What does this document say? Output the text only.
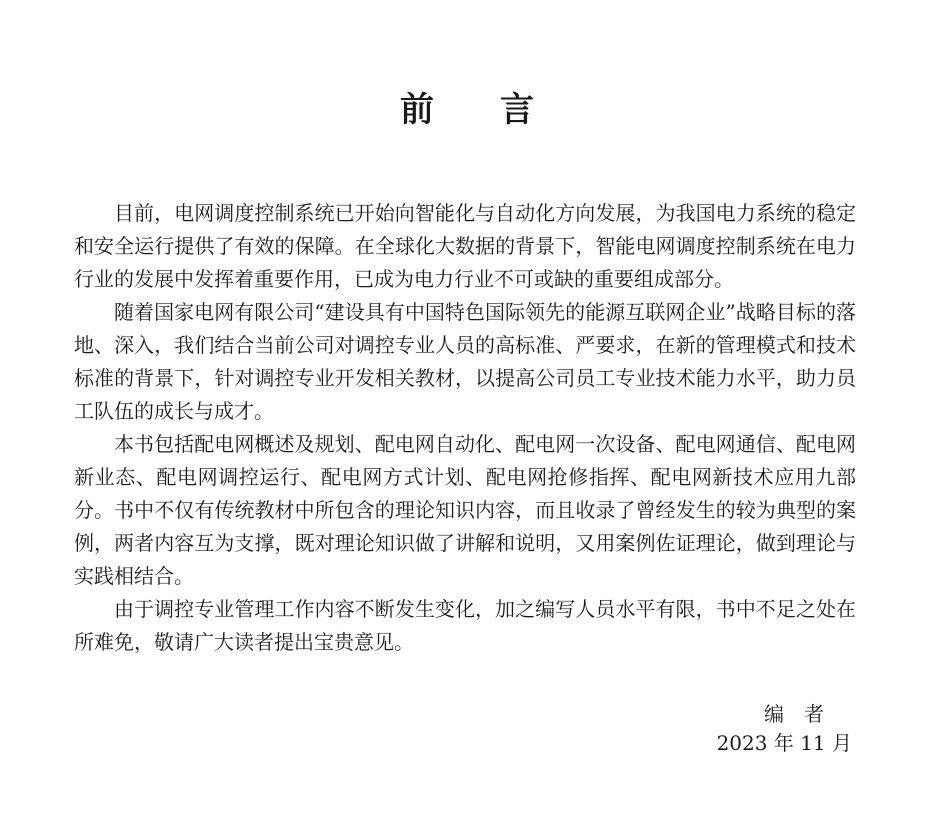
前 言

目前，电网调度控制系统已开始向智能化与自动化方向发展，为我国电力系统的稳定和安全运行提供了有效的保障。在全球化大数据的背景下，智能电网调度控制系统在电力行业的发展中发挥着重要作用，已成为电力行业不可或缺的重要组成部分。

随着国家电网有限公司“建设具有中国特色国际领先的能源互联网企业”战略目标的落地、深入，我们结合当前公司对调控专业人员的高标准、严要求，在新的管理模式和技术标准的背景下，针对调控专业开发相关教材，以提高公司员工专业技术能力水平，助力员工队伍的成长与成才。

本书包括配电网概述及规划、配电网自动化、配电网一次设备、配电网通信、配电网新业态、配电网调控运行、配电网方式计划、配电网抢修指挥、配电网新技术应用九部分。书中不仅有传统教材中所包含的理论知识内容，而且收录了曾经发生的较为典型的案例，两者内容互为支撑，既对理论知识做了讲解和说明，又用案例佐证理论，做到理论与实践相结合。

由于调控专业管理工作内容不断发生变化，加之编写人员水平有限，书中不足之处在所难免，敬请广大读者提出宝贵意见。

编　者
2023 年 11 月
